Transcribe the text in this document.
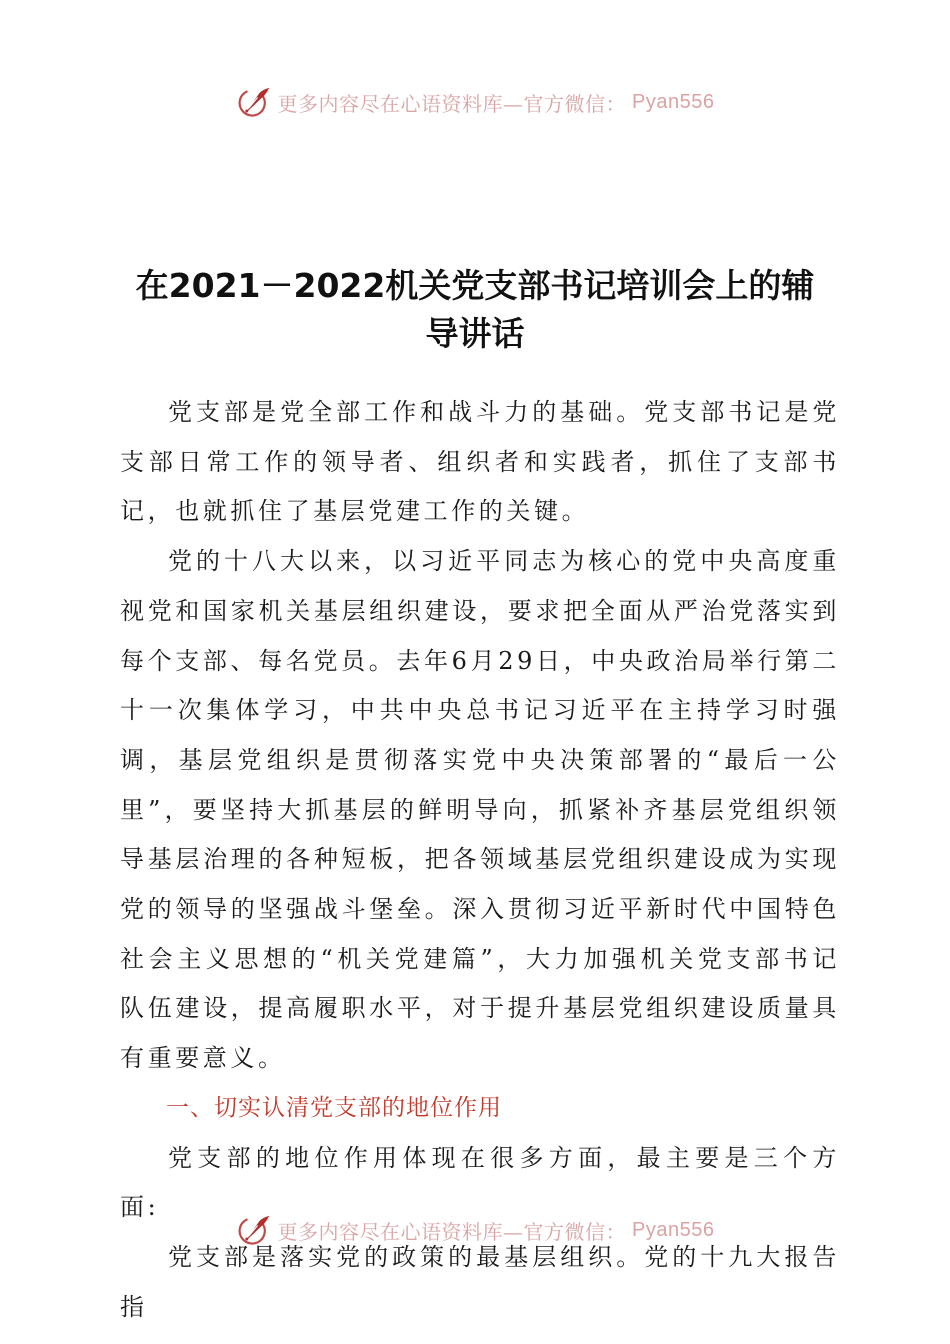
更多内容尽在心语资料库—官方微信： Pyan556
在2021－2022机关党支部书记培训会上的辅导讲话

党支部是党全部工作和战斗力的基础。党支部书记是党支部日常工作的领导者、组织者和实践者，抓住了支部书记，也就抓住了基层党建工作的关键。

党的十八大以来，以习近平同志为核心的党中央高度重视党和国家机关基层组织建设，要求把全面从严治党落实到每个支部、每名党员。去年6月29日，中央政治局举行第二十一次集体学习，中共中央总书记习近平在主持学习时强调，基层党组织是贯彻落实党中央决策部署的“最后一公里”，要坚持大抓基层的鲜明导向，抓紧补齐基层党组织领导基层治理的各种短板，把各领域基层党组织建设成为实现党的领导的坚强战斗堡垒。深入贯彻习近平新时代中国特色社会主义思想的“机关党建篇”，大力加强机关党支部书记队伍建设，提高履职水平，对于提升基层党组织建设质量具有重要意义。

一、切实认清党支部的地位作用

党支部的地位作用体现在很多方面，最主要是三个方面:

党支部是落实党的政策的最基层组织。党的十九大报告指

更多内容尽在心语资料库—官方微信： Pyan556
